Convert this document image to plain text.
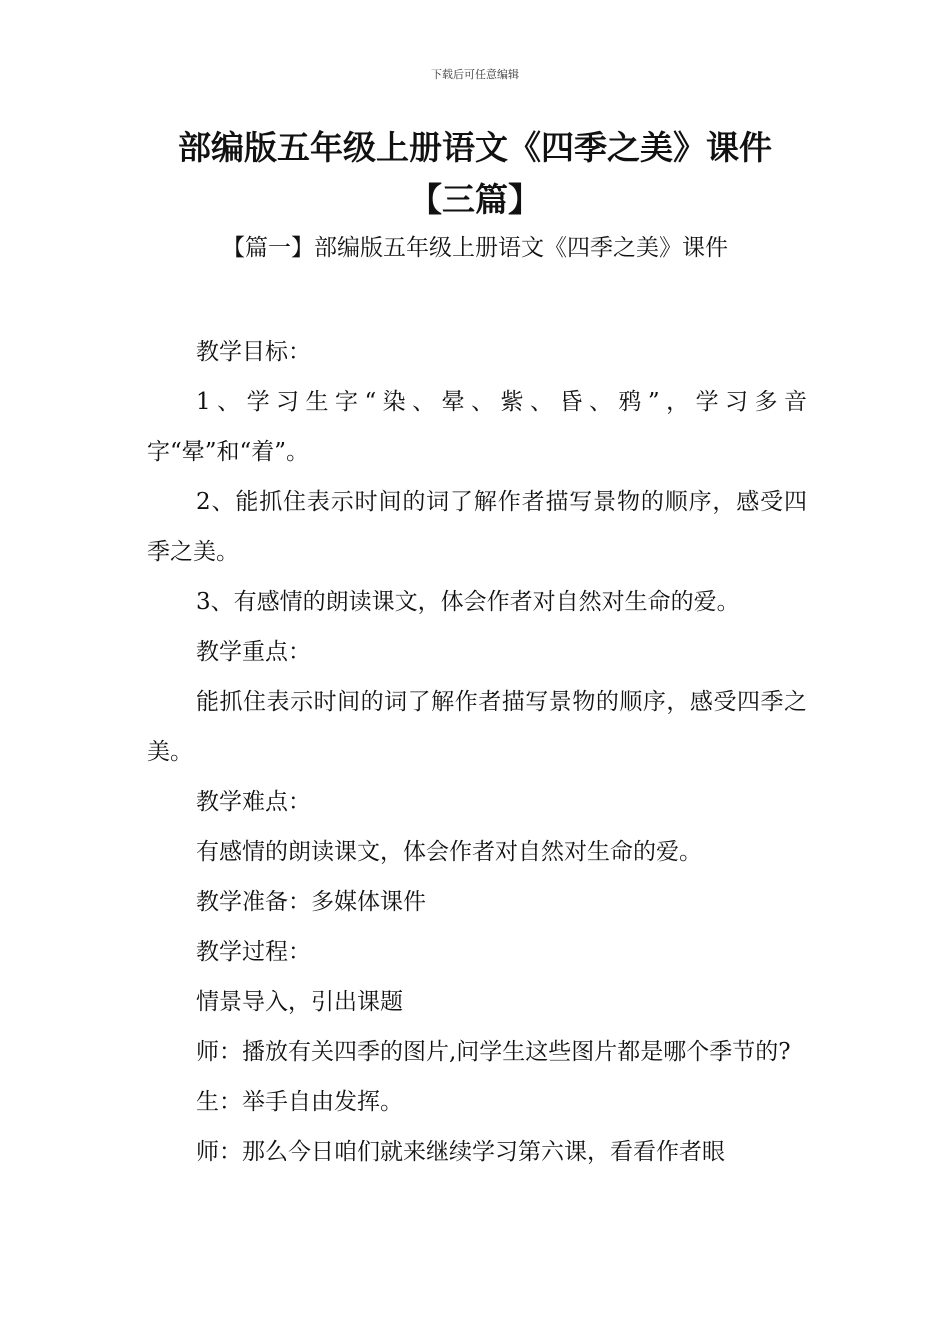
下载后可任意编辑
部编版五年级上册语文《四季之美》课件
【三篇】
【篇一】部编版五年级上册语文《四季之美》课件

教学目标：

1、学习生字“染、晕、紫、昏、鸦”，学习多音字“晕”和“着”。

2、能抓住表示时间的词了解作者描写景物的顺序，感受四季之美。

3、有感情的朗读课文，体会作者对自然对生命的爱。

教学重点：

能抓住表示时间的词了解作者描写景物的顺序，感受四季之美。

教学难点：

有感情的朗读课文，体会作者对自然对生命的爱。

教学准备：多媒体课件

教学过程：

情景导入，引出课题

师：播放有关四季的图片,问学生这些图片都是哪个季节的?

生：举手自由发挥。

师：那么今日咱们就来继续学习第六课，看看作者眼
